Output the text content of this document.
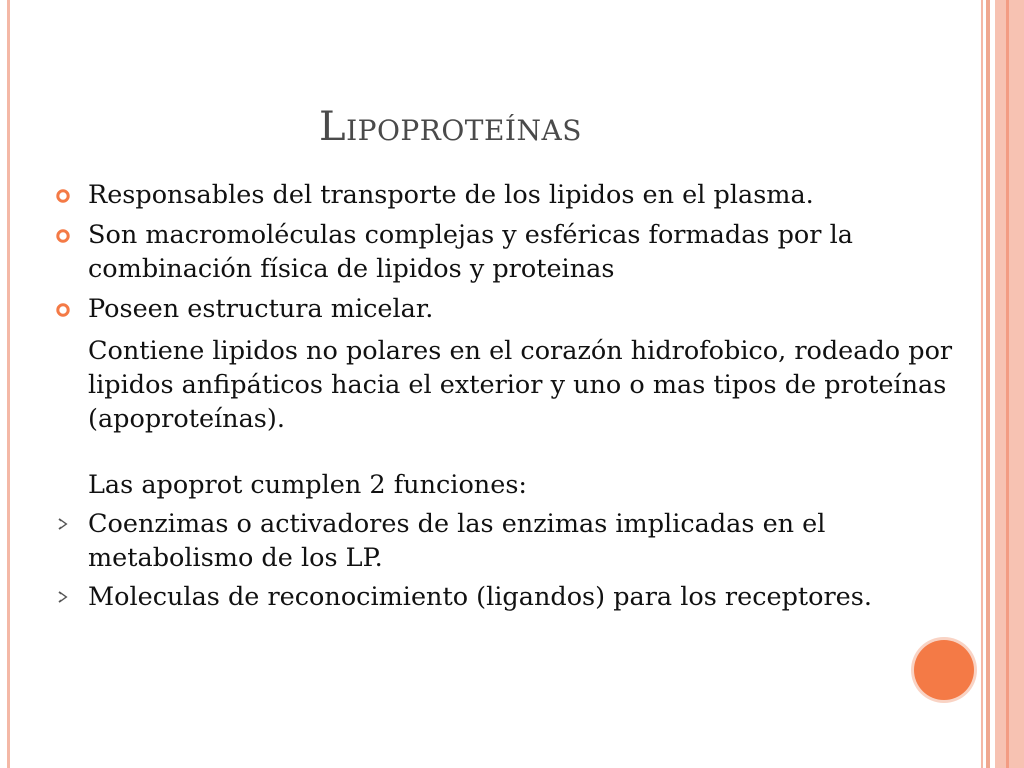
Lipoproteínas
Responsables del transporte de los lipidos en el plasma.
Son macromoléculas complejas y esféricas formadas por la combinación física de lipidos y proteinas
Poseen estructura micelar.
Contiene lipidos no polares en el corazón hidrofobico, rodeado por lipidos anfipáticos hacia el exterior y uno o mas tipos de proteínas (apoproteínas).
Las apoprot cumplen 2 funciones:
Coenzimas o activadores de las enzimas implicadas en el metabolismo de los LP.
Moleculas de reconocimiento (ligandos) para los receptores.
